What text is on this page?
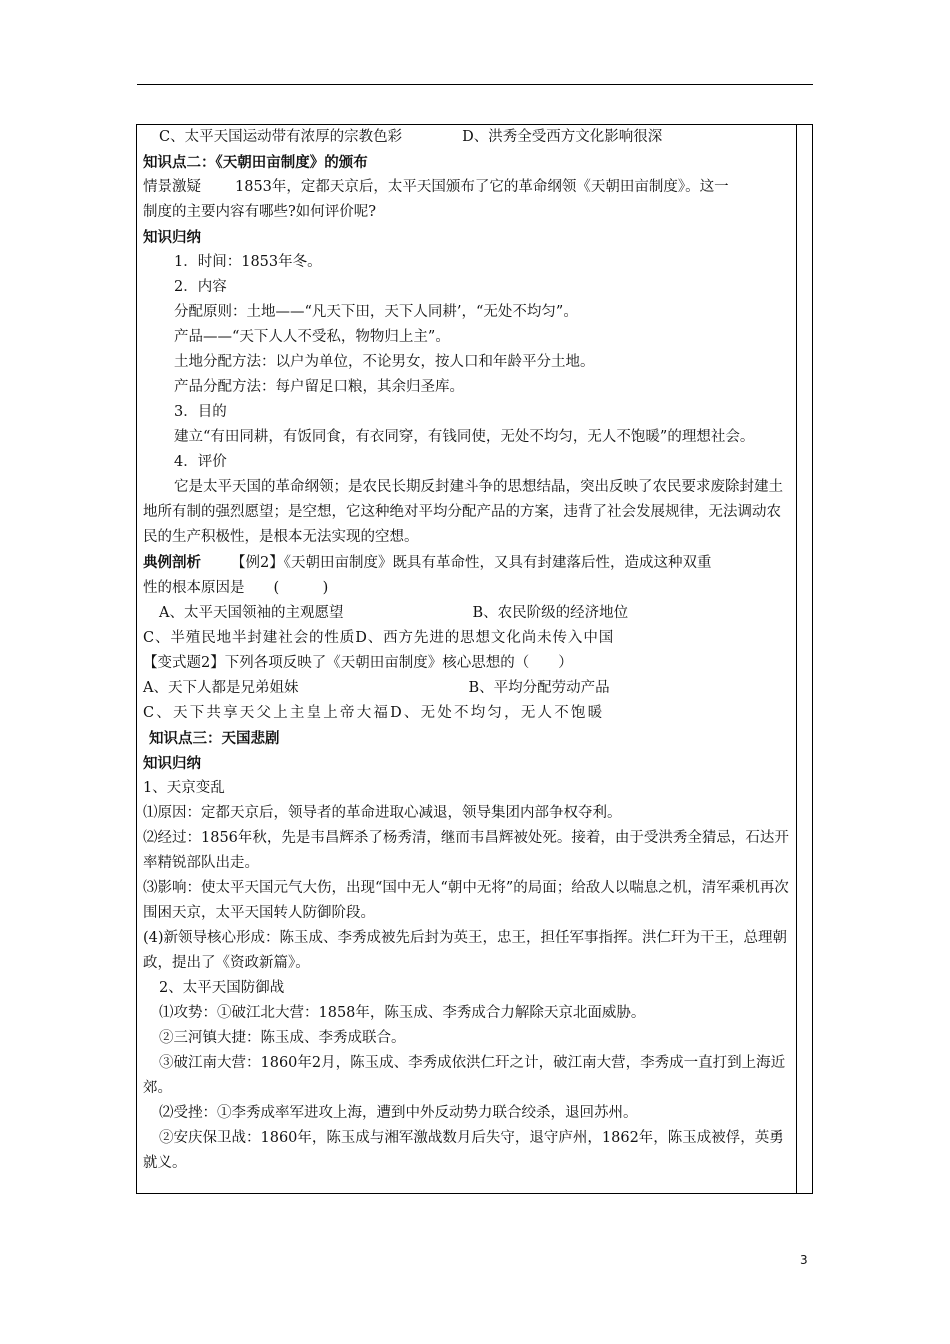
C、太平天国运动带有浓厚的宗教色彩	D、洪秀全受西方文化影响很深

知识点二：《天朝田亩制度》的颁布

情景激疑 1853年，定都天京后，太平天国颁布了它的革命纲领《天朝田亩制度》。这一

制度的主要内容有哪些?如何评价呢?

知识归纳

1．时间：1853年冬。

2．内容

分配原则：土地——“凡天下田，天下人同耕’，“无处不均匀”。

产品——“天下人人不受私，物物归上主”。

土地分配方法：以户为单位，不论男女，按人口和年龄平分土地。

产品分配方法：每户留足口粮，其余归圣库。

3．目的

建立“有田同耕，有饭同食，有衣同穿，有钱同使，无处不均匀，无人不饱暖”的理想社会。

4．评价

它是太平天国的革命纲领；是农民长期反封建斗争的思想结晶，突出反映了农民要求废除封建土地所有制的强烈愿望；是空想，它这种绝对平均分配产品的方案，违背了社会发展规律，无法调动农民的生产积极性，是根本无法实现的空想。

典例剖析 【例2】《天朝田亩制度》既具有革命性，又具有封建落后性，造成这种双重

性的根本原因是　　(　　　)

A、太平天国领袖的主观愿望	B、农民阶级的经济地位

C、半殖民地半封建社会的性质D、西方先进的思想文化尚未传入中国

【变式题2】下列各项反映了《天朝田亩制度》核心思想的（　　）

A、天下人都是兄弟姐妹	B、平均分配劳动产品

C、天下共享天父上主皇上帝大福D、无处不均匀，无人不饱暖

知识点三：天国悲剧

知识归纳

1、天京变乱

⑴原因：定都天京后，领导者的革命进取心减退，领导集团内部争权夺利。

⑵经过：1856年秋，先是韦昌辉杀了杨秀清，继而韦昌辉被处死。接着，由于受洪秀全猜忌，石达开率精锐部队出走。

⑶影响：使太平天国元气大伤，出现“国中无人“朝中无将”的局面；给敌人以喘息之机，清军乘机再次围困天京，太平天国转人防御阶段。

(4)新领导核心形成：陈玉成、李秀成被先后封为英王，忠王，担任军事指挥。洪仁玕为干王，总理朝政，提出了《资政新篇》。

2、太平天国防御战

⑴攻势：①破江北大营：1858年，陈玉成、李秀成合力解除天京北面威胁。

②三河镇大捷：陈玉成、李秀成联合。

③破江南大营：1860年2月，陈玉成、李秀成依洪仁玕之计，破江南大营，李秀成一直打到上海近郊。

⑵受挫：①李秀成率军进攻上海，遭到中外反动势力联合绞杀，退回苏州。

②安庆保卫战：1860年，陈玉成与湘军激战数月后失守，退守庐州，1862年，陈玉成被俘，英勇就义。

3
